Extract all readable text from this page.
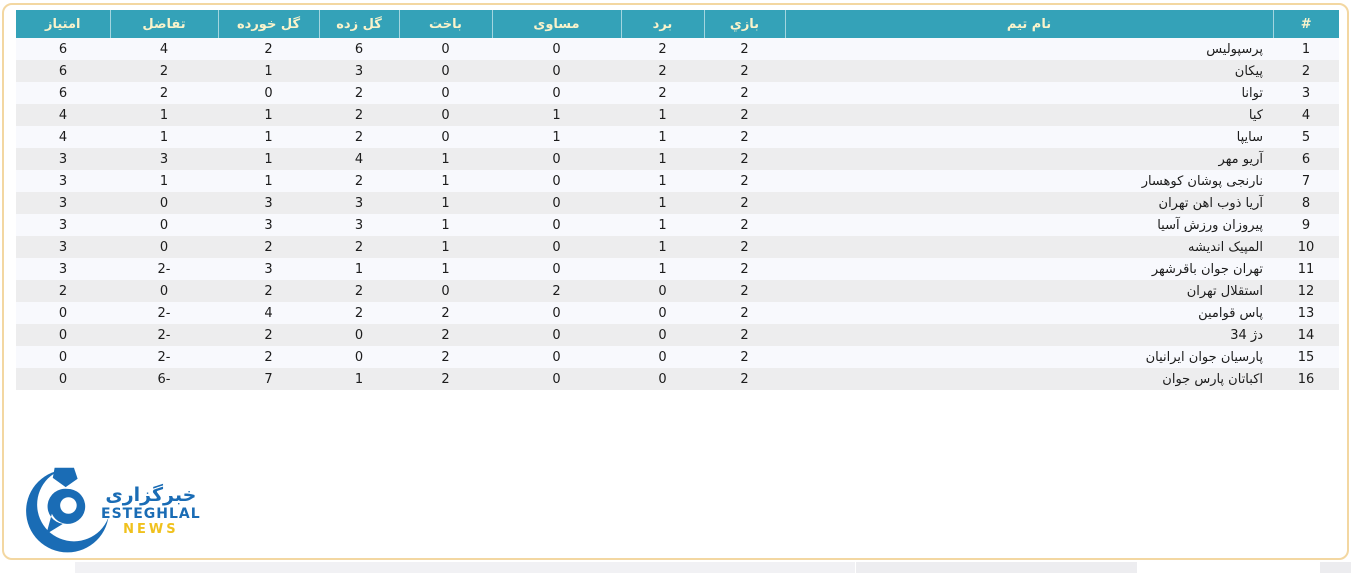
#	نام تیم	بازي	برد	مساوی	باخت	گل زده	گل خورده	تفاضل	امتیاز
1	پرسپولیس	2	2	0	0	6	2	4	6
2	پیکان	2	2	0	0	3	1	2	6
3	توانا	2	2	0	0	2	0	2	6
4	کیا	2	1	1	0	2	1	1	4
5	سایپا	2	1	1	0	2	1	1	4
6	آریو مهر	2	1	0	1	4	1	3	3
7	نارنجی پوشان کوهسار	2	1	0	1	2	1	1	3
8	آریا ذوب اهن تهران	2	1	0	1	3	3	0	3
9	پیروزان ورزش آسیا	2	1	0	1	3	3	0	3
10	المپیک اندیشه	2	1	0	1	2	2	0	3
11	تهران جوان باقرشهر	2	1	0	1	1	3	2-	3
12	استقلال تهران	2	0	2	0	2	2	0	2
13	پاس قوامین	2	0	0	2	2	4	2-	0
14	دژ 34	2	0	0	2	0	2	2-	0
15	پارسیان جوان ایرانیان	2	0	0	2	0	2	2-	0
16	اکباتان پارس جوان	2	0	0	2	1	7	6-	0
خبرگزاری
ESTEGHLAL
NEWS
